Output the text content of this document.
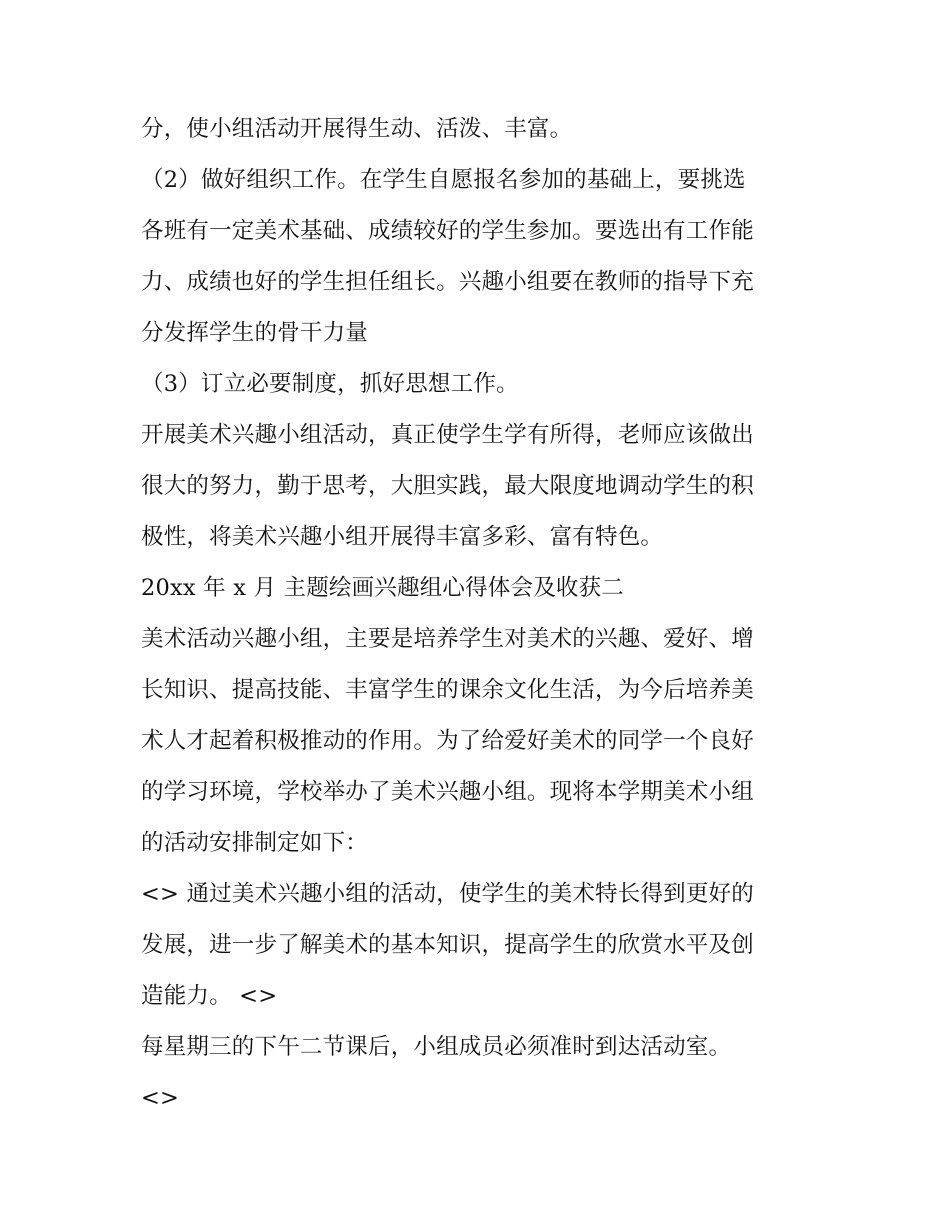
分，使小组活动开展得生动、活泼、丰富。
（2）做好组织工作。在学生自愿报名参加的基础上，要挑选
各班有一定美术基础、成绩较好的学生参加。要选出有工作能
力、成绩也好的学生担任组长。兴趣小组要在教师的指导下充
分发挥学生的骨干力量
（3）订立必要制度，抓好思想工作。
开展美术兴趣小组活动，真正使学生学有所得，老师应该做出
很大的努力，勤于思考，大胆实践，最大限度地调动学生的积
极性，将美术兴趣小组开展得丰富多彩、富有特色。
20xx 年 x 月 主题绘画兴趣组心得体会及收获二
美术活动兴趣小组，主要是培养学生对美术的兴趣、爱好、增
长知识、提高技能、丰富学生的课余文化生活，为今后培养美
术人才起着积极推动的作用。为了给爱好美术的同学一个良好
的学习环境，学校举办了美术兴趣小组。现将本学期美术小组
的活动安排制定如下：
<> 通过美术兴趣小组的活动，使学生的美术特长得到更好的
发展，进一步了解美术的基本知识，提高学生的欣赏水平及创
造能力。 <>
每星期三的下午二节课后，小组成员必须准时到达活动室。
<>
